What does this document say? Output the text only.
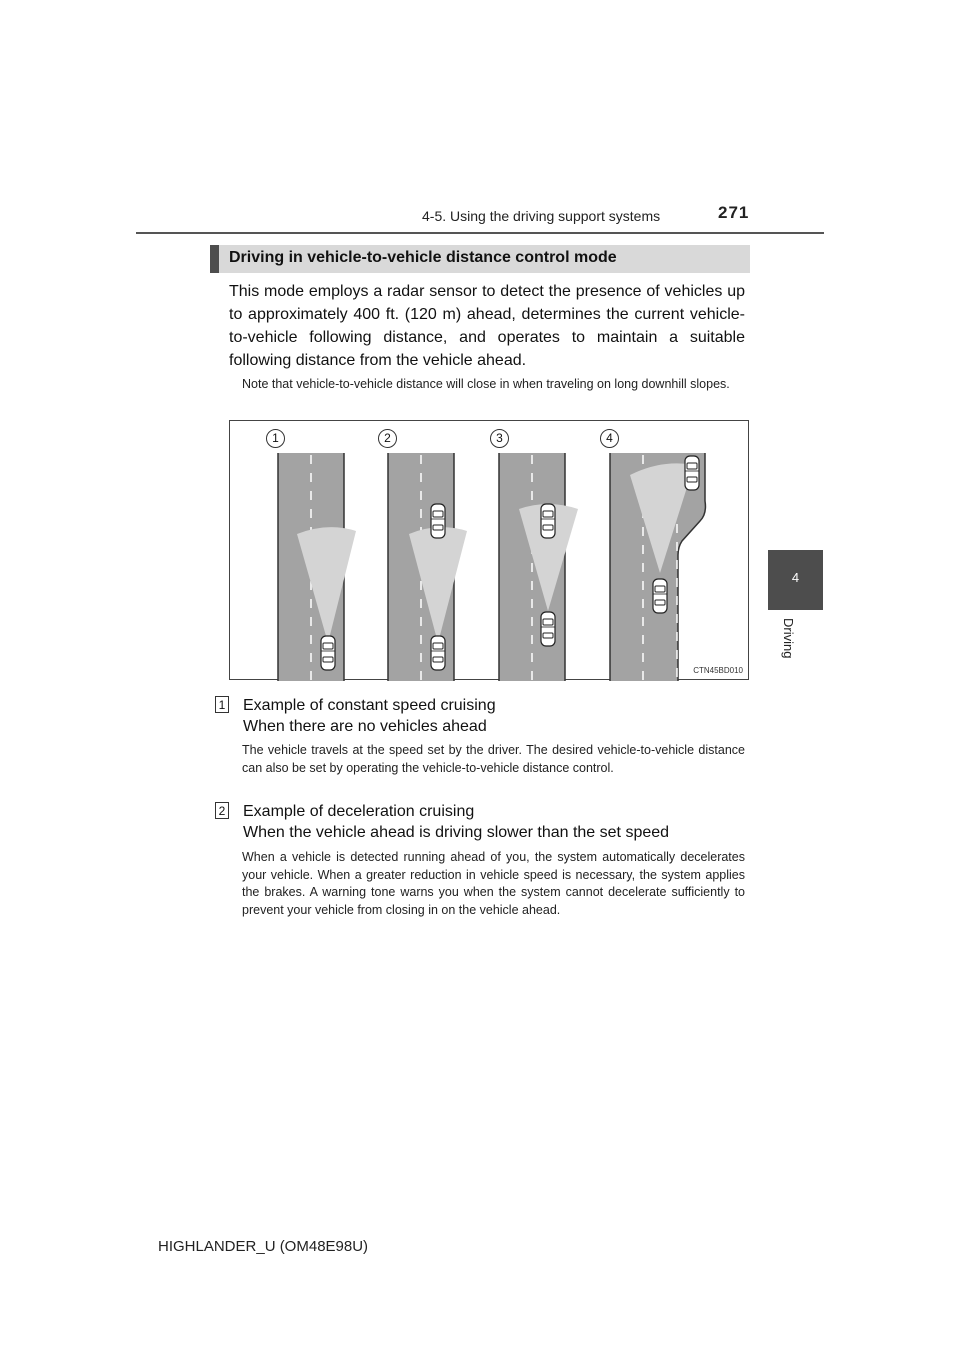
4-5. Using the driving support systems	271
4
Driving
Driving in vehicle-to-vehicle distance control mode
This mode employs a radar sensor to detect the presence of vehicles up to approximately 400 ft. (120 m) ahead, determines the current vehicle-to-vehicle following distance, and operates to maintain a suitable following distance from the vehicle ahead.
Note that vehicle-to-vehicle distance will close in when traveling on long downhill slopes.
1	2	3	4
CTN45BD010
1 Example of constant speed cruising
When there are no vehicles ahead
The vehicle travels at the speed set by the driver. The desired vehicle-to-vehicle distance can also be set by operating the vehicle-to-vehicle distance control.
2 Example of deceleration cruising
When the vehicle ahead is driving slower than the set speed
When a vehicle is detected running ahead of you, the system automatically decelerates your vehicle. When a greater reduction in vehicle speed is necessary, the system applies the brakes. A warning tone warns you when the system cannot decelerate sufficiently to prevent your vehicle from closing in on the vehicle ahead.
HIGHLANDER_U (OM48E98U)
